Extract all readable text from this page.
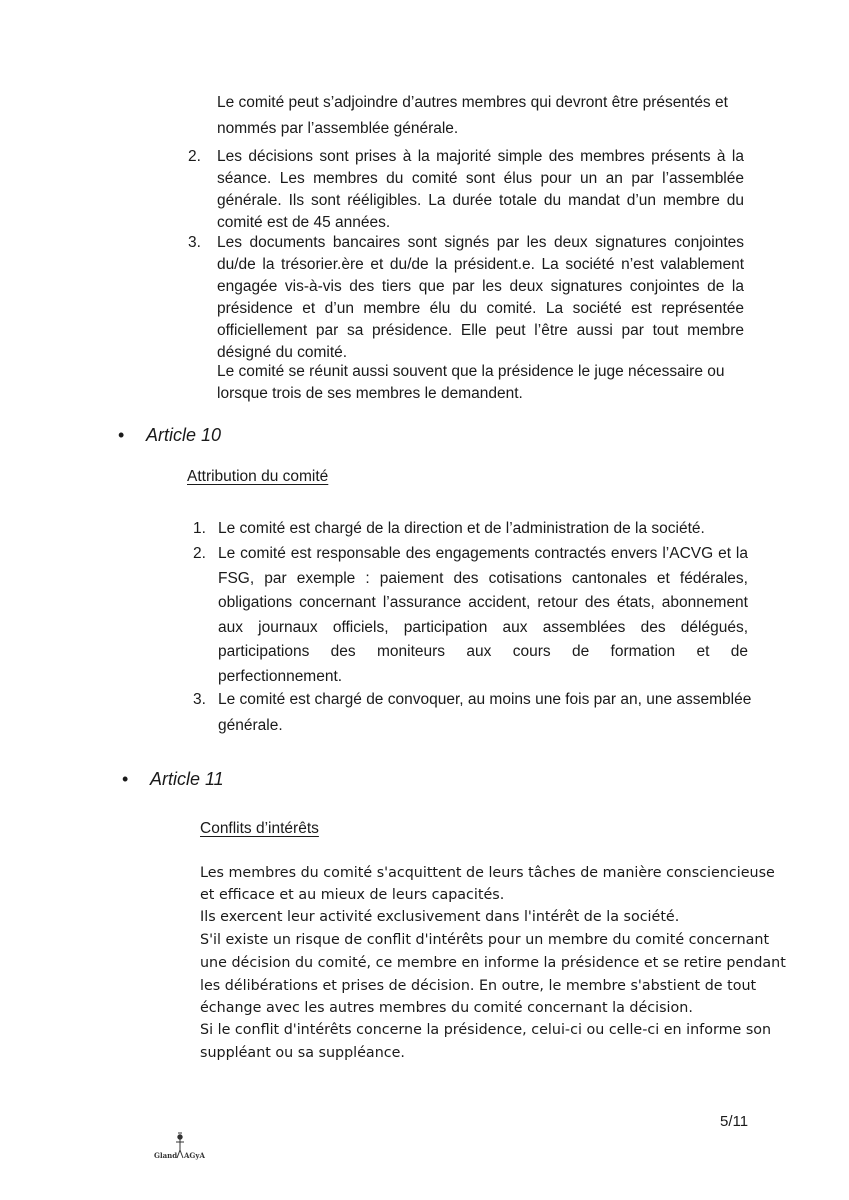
Le comité peut s’adjoindre d’autres membres qui devront être présentés et
nommés par l’assemblée générale.
2. Les décisions sont prises à la majorité simple des membres présents à la
séance. Les membres du comité sont élus pour un an par l’assemblée
générale. Ils sont rééligibles. La durée totale du mandat d’un membre du
comité est de 45 années.
3. Les documents bancaires sont signés par les deux signatures conjointes
du/de la trésorier.ère et du/de la président.e. La société n’est valablement
engagée vis-à-vis des tiers que par les deux signatures conjointes de la
présidence et d’un membre élu du comité. La société est représentée
officiellement par sa présidence. Elle peut l’être aussi par tout membre
désigné du comité.
Le comité se réunit aussi souvent que la présidence le juge nécessaire ou
lorsque trois de ses membres le demandent.
• Article 10
Attribution du comité
1. Le comité est chargé de la direction et de l’administration de la société.
2. Le comité est responsable des engagements contractés envers l’ACVG et la
FSG, par exemple : paiement des cotisations cantonales et fédérales,
obligations concernant l’assurance accident, retour des états, abonnement
aux journaux officiels, participation aux assemblées des délégués,
participations des moniteurs aux cours de formation et de
perfectionnement.
3. Le comité est chargé de convoquer, au moins une fois par an, une assemblée
générale.
• Article 11
Conflits d’intérêts
Les membres du comité s'acquittent de leurs tâches de manière consciencieuse
et efficace et au mieux de leurs capacités.
Ils exercent leur activité exclusivement dans l'intérêt de la société.
S'il existe un risque de conflit d'intérêts pour un membre du comité concernant
une décision du comité, ce membre en informe la présidence et se retire pendant
les délibérations et prises de décision. En outre, le membre s'abstient de tout
échange avec les autres membres du comité concernant la décision.
Si le conflit d'intérêts concerne la présidence, celui-ci ou celle-ci en informe son
suppléant ou sa suppléance.
5/11
Gland AGyA
